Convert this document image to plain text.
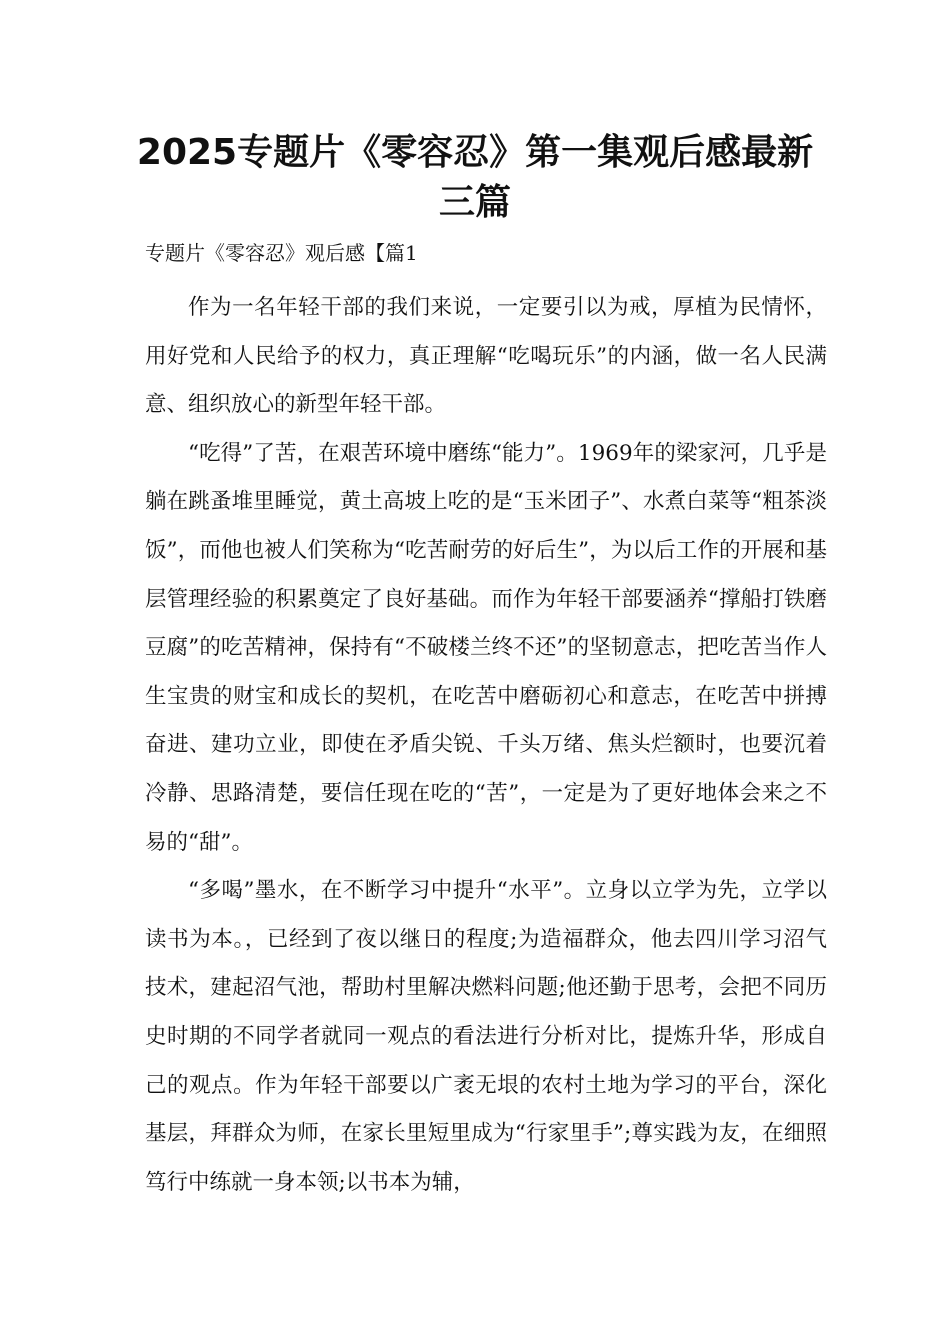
2025专题片《零容忍》第一集观后感最新三篇
专题片《零容忍》观后感【篇1

作为一名年轻干部的我们来说，一定要引以为戒，厚植为民情怀，用好党和人民给予的权力，真正理解“吃喝玩乐”的内涵，做一名人民满意、组织放心的新型年轻干部。

“吃得”了苦，在艰苦环境中磨练“能力”。1969年的梁家河，几乎是躺在跳蚤堆里睡觉，黄土高坡上吃的是“玉米团子”、水煮白菜等“粗茶淡饭”，而他也被人们笑称为“吃苦耐劳的好后生”，为以后工作的开展和基层管理经验的积累奠定了良好基础。而作为年轻干部要涵养“撑船打铁磨豆腐”的吃苦精神，保持有“不破楼兰终不还”的坚韧意志，把吃苦当作人生宝贵的财宝和成长的契机，在吃苦中磨砺初心和意志，在吃苦中拼搏奋进、建功立业，即使在矛盾尖锐、千头万绪、焦头烂额时，也要沉着冷静、思路清楚，要信任现在吃的“苦”，一定是为了更好地体会来之不易的“甜”。

“多喝”墨水，在不断学习中提升“水平”。立身以立学为先，立学以读书为本。，已经到了夜以继日的程度;为造福群众，他去四川学习沼气技术，建起沼气池，帮助村里解决燃料问题;他还勤于思考，会把不同历史时期的不同学者就同一观点的看法进行分析对比，提炼升华，形成自己的观点。作为年轻干部要以广袤无垠的农村土地为学习的平台，深化基层，拜群众为师，在家长里短里成为“行家里手”;尊实践为友，在细照笃行中练就一身本领;以书本为辅，
